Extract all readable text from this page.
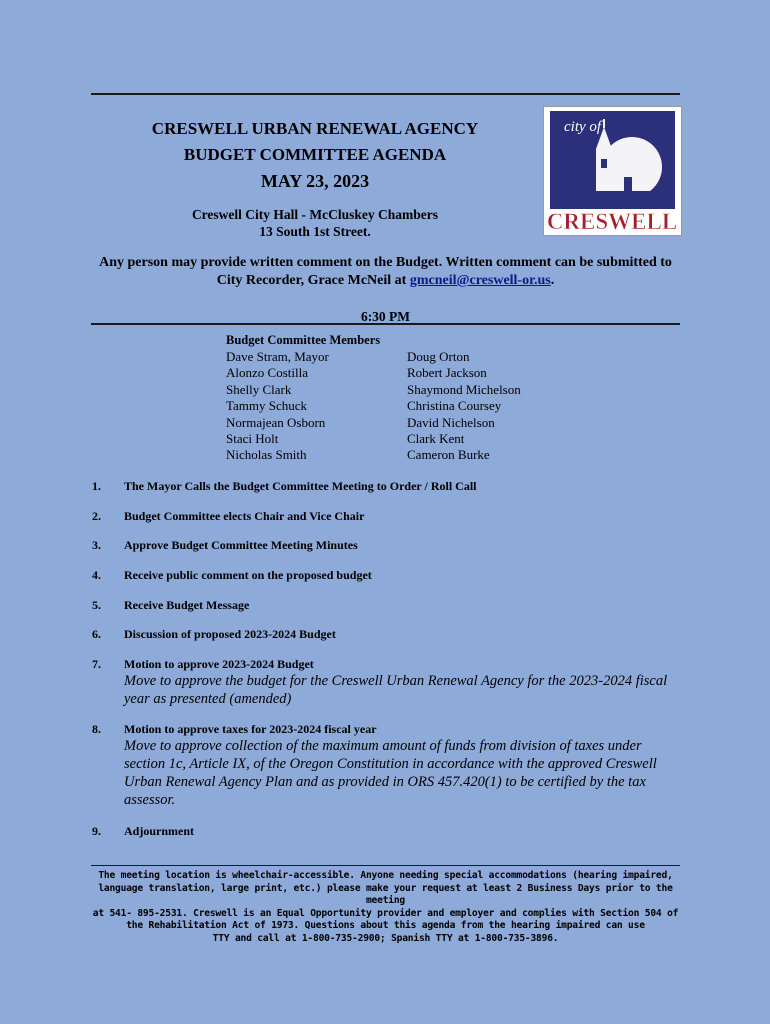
CRESWELL URBAN RENEWAL AGENCY
BUDGET COMMITTEE AGENDA
MAY 23, 2023
Creswell City Hall - McCluskey Chambers
13 South 1st Street.
city of
CRESWELL
Any person may provide written comment on the Budget. Written comment can be submitted to City Recorder, Grace McNeil at gmcneil@creswell-or.us.
6:30 PM
Budget Committee Members
Dave Stram, Mayor
Alonzo Costilla
Shelly Clark
Tammy Schuck
Normajean Osborn
Staci Holt
Nicholas Smith
Doug Orton
Robert Jackson
Shaymond Michelson
Christina Coursey
David Nichelson
Clark Kent
Cameron Burke
1. The Mayor Calls the Budget Committee Meeting to Order / Roll Call
2. Budget Committee elects Chair and Vice Chair
3. Approve Budget Committee Meeting Minutes
4. Receive public comment on the proposed budget
5. Receive Budget Message
6. Discussion of proposed 2023-2024 Budget
7. Motion to approve 2023-2024 Budget
Move to approve the budget for the Creswell Urban Renewal Agency for the 2023-2024 fiscal year as presented (amended)
8. Motion to approve taxes for 2023-2024 fiscal year
Move to approve collection of the maximum amount of funds from division of taxes under section 1c, Article IX, of the Oregon Constitution in accordance with the approved Creswell Urban Renewal Agency Plan and as provided in ORS 457.420(1) to be certified by the tax assessor.
9. Adjournment
The meeting location is wheelchair-accessible. Anyone needing special accommodations (hearing impaired,
language translation, large print, etc.) please make your request at least 2 Business Days prior to the meeting
at 541- 895-2531. Creswell is an Equal Opportunity provider and employer and complies with Section 504 of
the Rehabilitation Act of 1973. Questions about this agenda from the hearing impaired can use
TTY and call at 1-800-735-2900; Spanish TTY at 1-800-735-3896.
